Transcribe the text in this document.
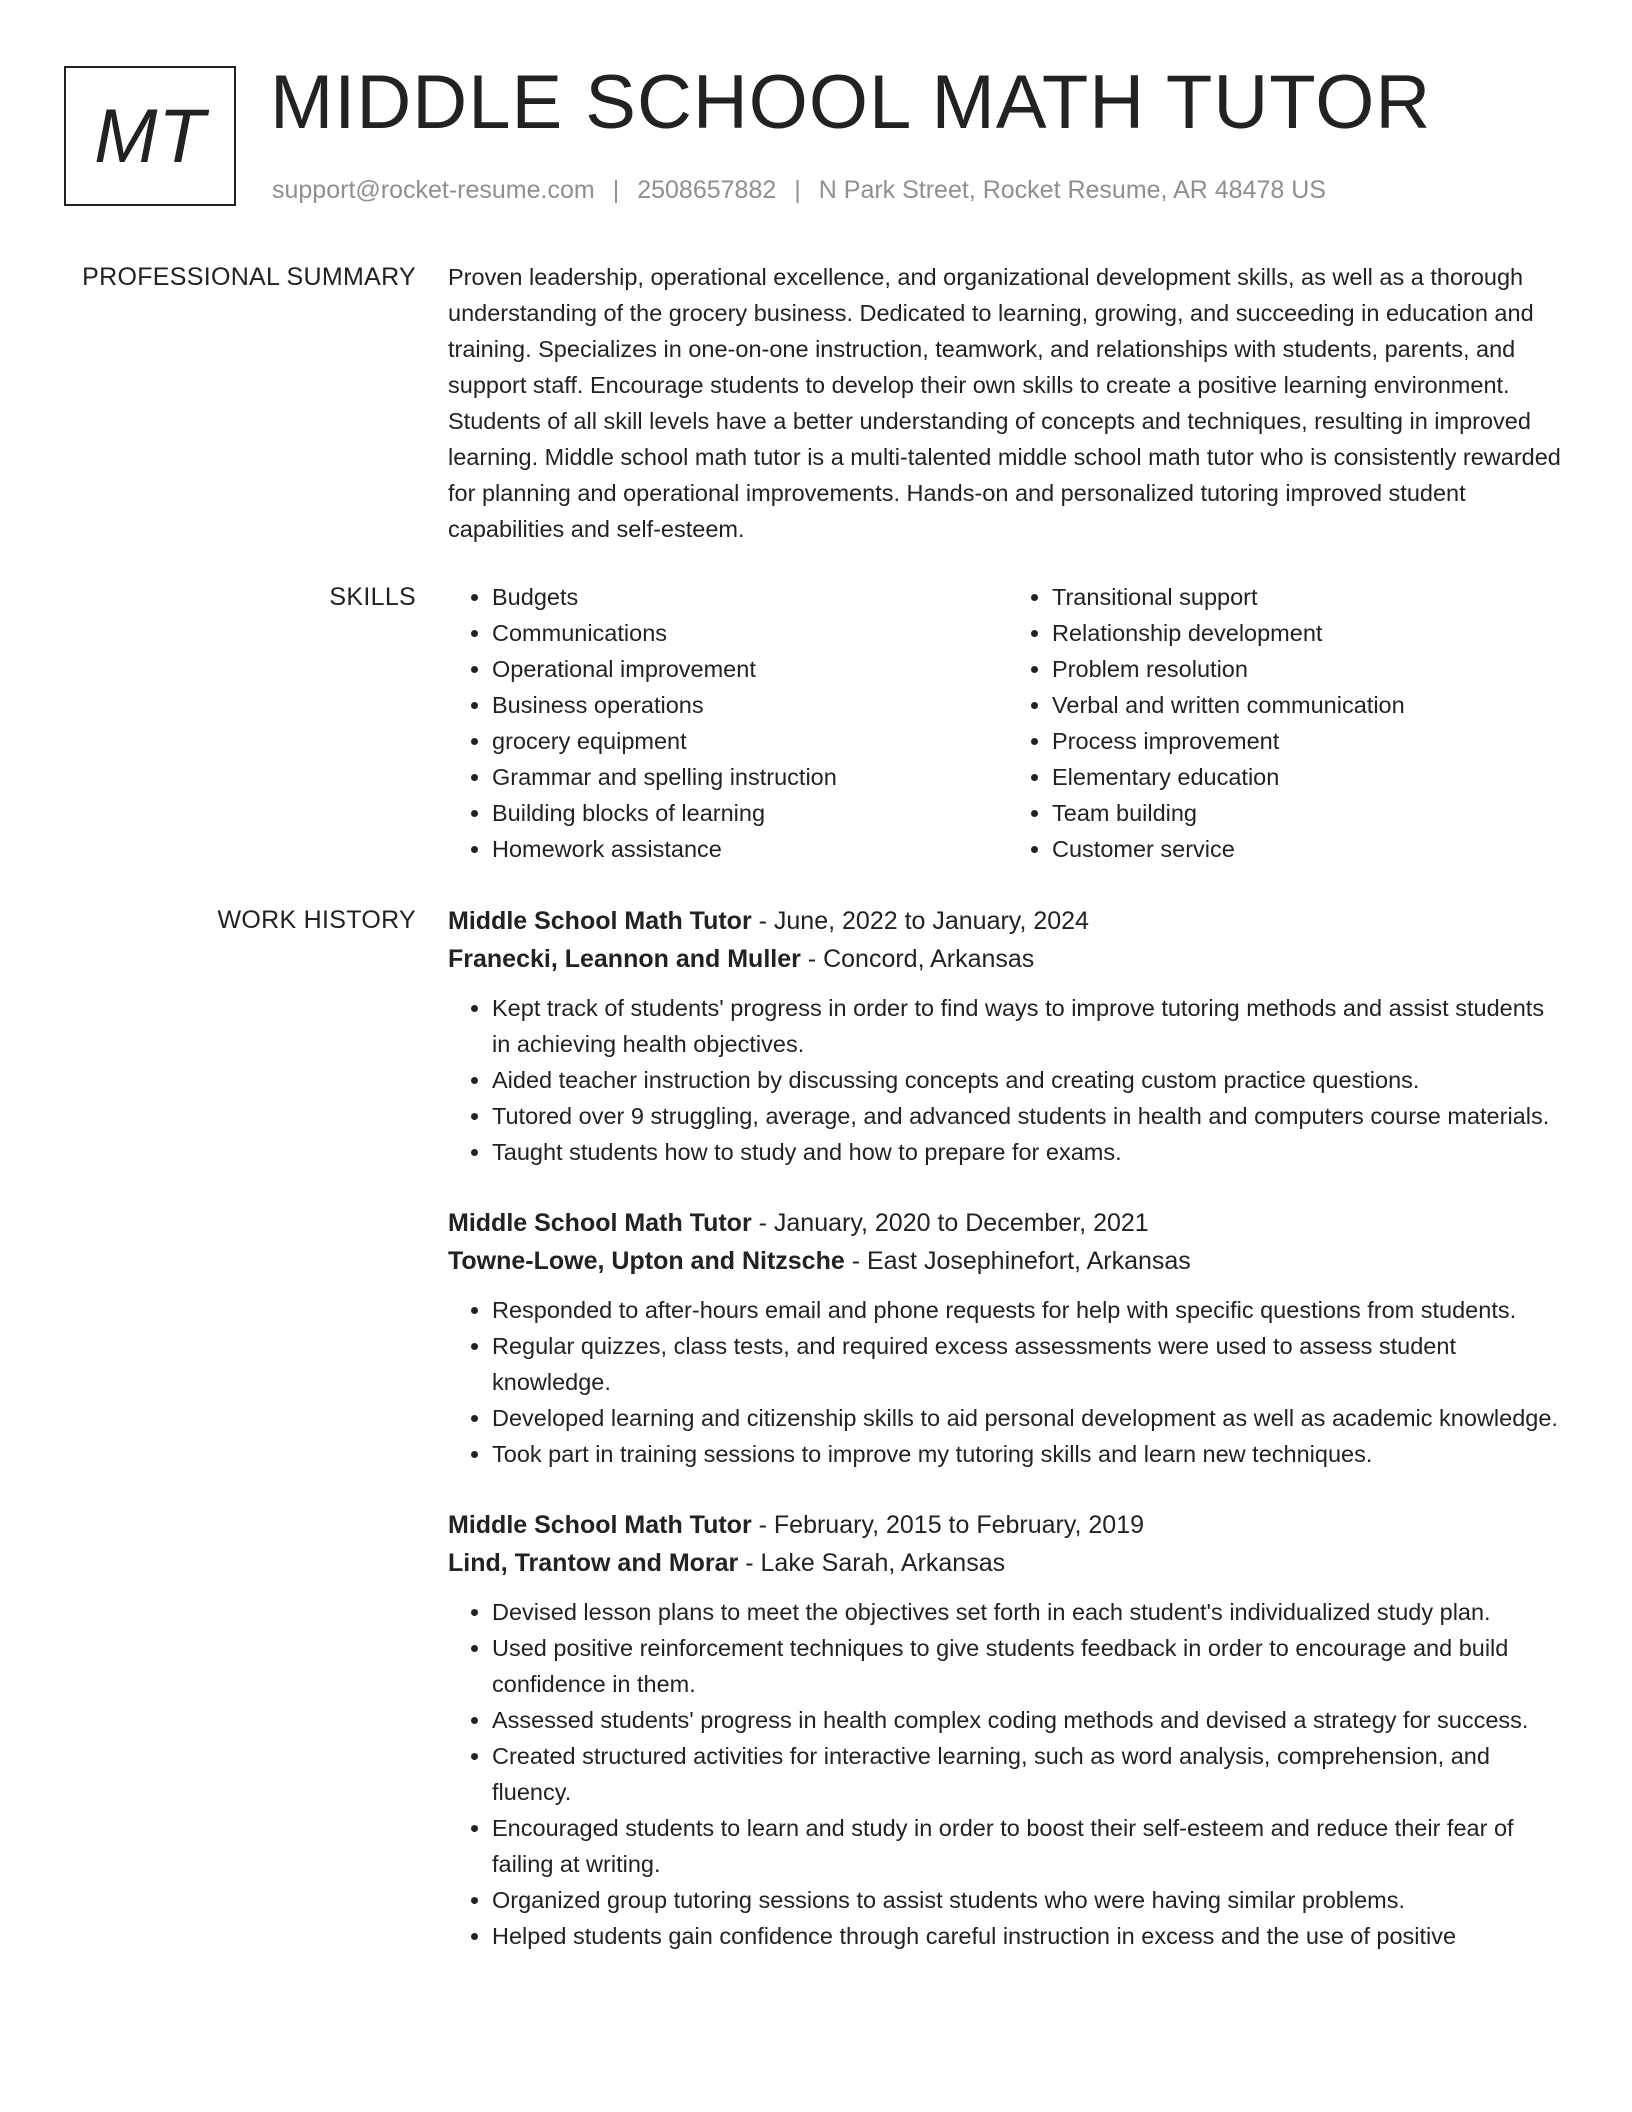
MT MIDDLE SCHOOL MATH TUTOR
support@rocket-resume.com | 2508657882 | N Park Street, Rocket Resume, AR 48478 US
PROFESSIONAL SUMMARY Proven leadership, operational excellence, and organizational development skills, as well as a thorough understanding of the grocery business. Dedicated to learning, growing, and succeeding in education and training. Specializes in one-on-one instruction, teamwork, and relationships with students, parents, and support staff. Encourage students to develop their own skills to create a positive learning environment. Students of all skill levels have a better understanding of concepts and techniques, resulting in improved learning. Middle school math tutor is a multi-talented middle school math tutor who is consistently rewarded for planning and operational improvements. Hands-on and personalized tutoring improved student capabilities and self-esteem.

SKILLS
•	Budgets
• Communications
• Operational improvement
• Business operations
• grocery equipment
• Grammar and spelling instruction
• Building blocks of learning
• Homework assistance
• Transitional support
• Relationship development
• Problem resolution
• Verbal and written communication
• Process improvement
• Elementary education
• Team building
• Customer service
WORK HISTORY Middle School Math Tutor - June, 2022 to January, 2024
Franecki, Leannon and Muller - Concord, Arkansas
• Kept track of students' progress in order to find ways to improve tutoring methods and assist students in achieving health objectives.
• Aided teacher instruction by discussing concepts and creating custom practice questions.
• Tutored over 9 struggling, average, and advanced students in health and computers course materials.
• Taught students how to study and how to prepare for exams.
Middle School Math Tutor - January, 2020 to December, 2021
Towne-Lowe, Upton and Nitzsche - East Josephinefort, Arkansas
• Responded to after-hours email and phone requests for help with specific questions from students.
• Regular quizzes, class tests, and required excess assessments were used to assess student knowledge.
• Developed learning and citizenship skills to aid personal development as well as academic knowledge.
• Took part in training sessions to improve my tutoring skills and learn new techniques.
Middle School Math Tutor - February, 2015 to February, 2019
Lind, Trantow and Morar - Lake Sarah, Arkansas
• Devised lesson plans to meet the objectives set forth in each student's individualized study plan.
• Used positive reinforcement techniques to give students feedback in order to encourage and build confidence in them.
• Assessed students' progress in health complex coding methods and devised a strategy for success.
• Created structured activities for interactive learning, such as word analysis, comprehension, and fluency.
• Encouraged students to learn and study in order to boost their self-esteem and reduce their fear of failing at writing.
• Organized group tutoring sessions to assist students who were having similar problems.
• Helped students gain confidence through careful instruction in excess and the use of positive
